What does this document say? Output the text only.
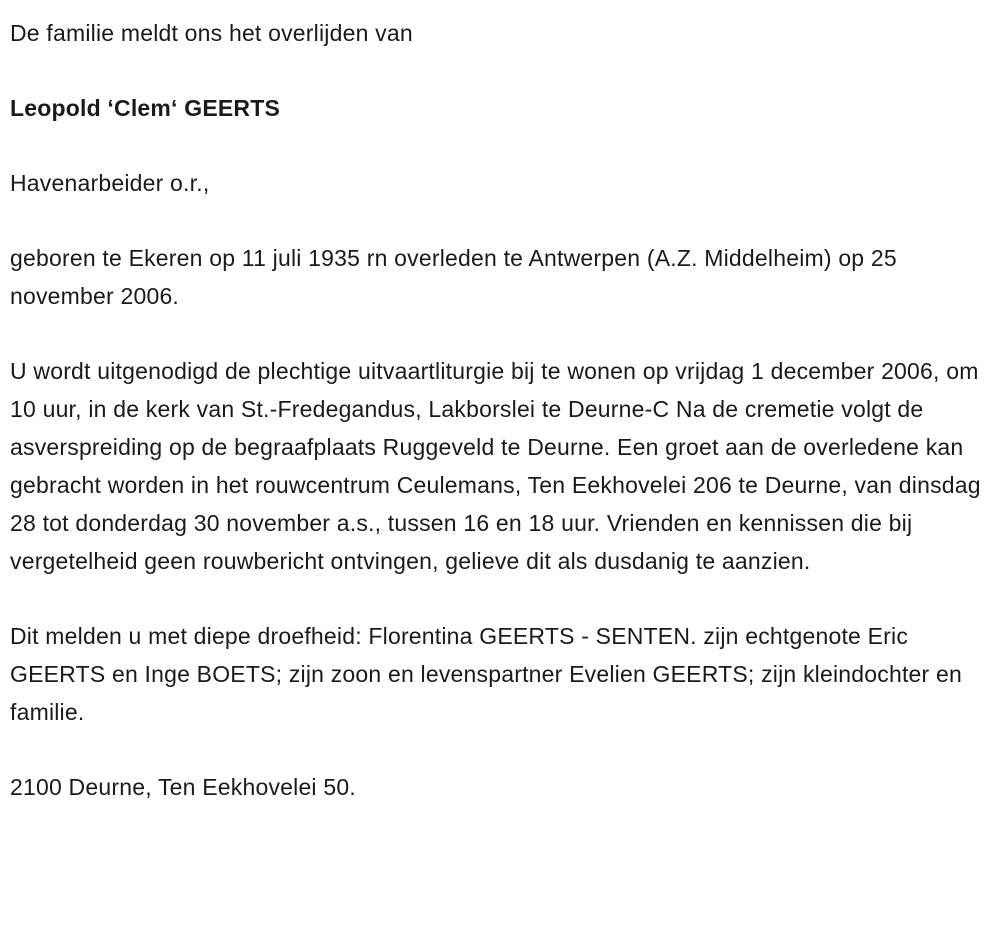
De familie meldt ons het overlijden van

Leopold ‘Clem‘ GEERTS

Havenarbeider o.r.,

geboren te Ekeren op 11 juli 1935 rn overleden te Antwerpen (A.Z. Middelheim) op 25 november 2006.

U wordt uitgenodigd de plechtige uitvaartliturgie bij te wonen op vrijdag 1 december 2006, om 10 uur, in de kerk van St.-Fredegandus, Lakborslei te Deurne-C Na de cremetie volgt de asverspreiding op de begraafplaats Ruggeveld te Deurne. Een groet aan de overledene kan gebracht worden in het rouwcentrum Ceulemans, Ten Eekhovelei 206 te Deurne, van dinsdag 28 tot donderdag 30 november a.s., tussen 16 en 18 uur. Vrienden en kennissen die bij vergetelheid geen rouwbericht ontvingen, gelieve dit als dusdanig te aanzien.

Dit melden u met diepe droefheid: Florentina GEERTS - SENTEN. zijn echtgenote Eric GEERTS en Inge BOETS; zijn zoon en levenspartner Evelien GEERTS; zijn kleindochter en familie.

2100 Deurne, Ten Eekhovelei 50.
